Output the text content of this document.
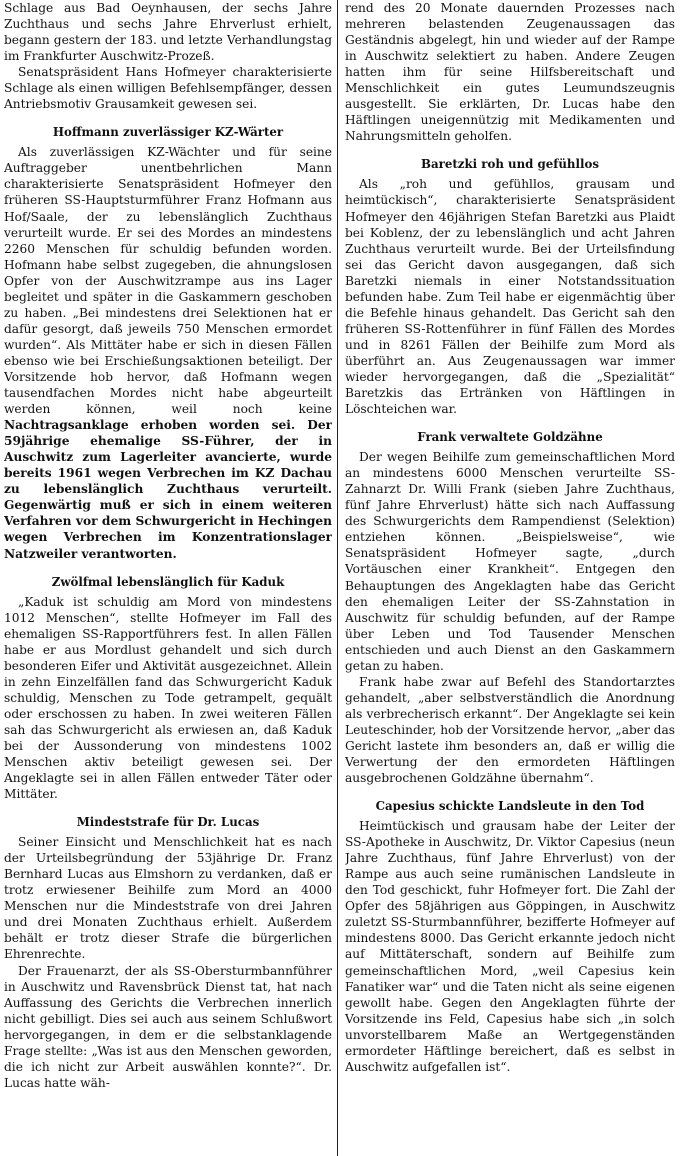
Schlage aus Bad Oeynhausen, der sechs Jahre Zuchthaus und sechs Jahre Ehrverlust erhielt, begann gestern der 183. und letzte Verhandlungstag im Frankfurter Auschwitz-Prozeß.

Senatspräsident Hans Hofmeyer charakterisierte Schlage als einen willigen Befehlsempfänger, dessen Antriebsmotiv Grausamkeit gewesen sei.

Hoffmann zuverlässiger KZ-Wärter

Als zuverlässigen KZ-Wächter und für seine Auftraggeber unentbehrlichen Mann charakterisierte Senatspräsident Hofmeyer den früheren SS-Hauptsturmführer Franz Hofmann aus Hof/Saale, der zu lebenslänglich Zuchthaus verurteilt wurde. Er sei des Mordes an mindestens 2260 Menschen für schuldig befunden worden. Hofmann habe selbst zugegeben, die ahnungslosen Opfer von der Auschwitzrampe aus ins Lager begleitet und später in die Gaskammern geschoben zu haben. „Bei mindestens drei Selektionen hat er dafür gesorgt, daß jeweils 750 Menschen ermordet wurden“. Als Mittäter habe er sich in diesen Fällen ebenso wie bei Erschießungsaktionen beteiligt. Der Vorsitzende hob hervor, daß Hofmann wegen tausendfachen Mordes nicht habe abgeurteilt werden können, weil noch keine Nachtragsanklage erhoben worden sei. Der 59jährige ehemalige SS-Führer, der in Auschwitz zum Lagerleiter avancierte, wurde bereits 1961 wegen Verbrechen im KZ Dachau zu lebenslänglich Zuchthaus verurteilt. Gegenwärtig muß er sich in einem weiteren Verfahren vor dem Schwurgericht in Hechingen wegen Verbrechen im Konzentrationslager Natzweiler verantworten.

Zwölfmal lebenslänglich für Kaduk

„Kaduk ist schuldig am Mord von mindestens 1012 Menschen“, stellte Hofmeyer im Fall des ehemaligen SS-Rapportführers fest. In allen Fällen habe er aus Mordlust gehandelt und sich durch besonderen Eifer und Aktivität ausgezeichnet. Allein in zehn Einzelfällen fand das Schwurgericht Kaduk schuldig, Menschen zu Tode getrampelt, gequält oder erschossen zu haben. In zwei weiteren Fällen sah das Schwurgericht als erwiesen an, daß Kaduk bei der Aussonderung von mindestens 1002 Menschen aktiv beteiligt gewesen sei. Der Angeklagte sei in allen Fällen entweder Täter oder Mittäter.

Mindeststrafe für Dr. Lucas

Seiner Einsicht und Menschlichkeit hat es nach der Urteilsbegründung der 53jährige Dr. Franz Bernhard Lucas aus Elmshorn zu verdanken, daß er trotz erwiesener Beihilfe zum Mord an 4000 Menschen nur die Mindeststrafe von drei Jahren und drei Monaten Zuchthaus erhielt. Außerdem behält er trotz dieser Strafe die bürgerlichen Ehrenrechte.

Der Frauenarzt, der als SS-Obersturmbannführer in Auschwitz und Ravensbrück Dienst tat, hat nach Auffassung des Gerichts die Verbrechen innerlich nicht gebilligt. Dies sei auch aus seinem Schlußwort hervorgegangen, in dem er die selbstanklagende Frage stellte: „Was ist aus den Menschen geworden, die ich nicht zur Arbeit auswählen konnte?“. Dr. Lucas hatte wäh-

rend des 20 Monate dauernden Prozesses nach mehreren belastenden Zeugenaussagen das Geständnis abgelegt, hin und wieder auf der Rampe in Auschwitz selektiert zu haben. Andere Zeugen hatten ihm für seine Hilfsbereitschaft und Menschlichkeit ein gutes Leumundszeugnis ausgestellt. Sie erklärten, Dr. Lucas habe den Häftlingen uneigennützig mit Medikamenten und Nahrungsmitteln geholfen.

Baretzki roh und gefühllos

Als „roh und gefühllos, grausam und heimtückisch“, charakterisierte Senatspräsident Hofmeyer den 46jährigen Stefan Baretzki aus Plaidt bei Koblenz, der zu lebenslänglich und acht Jahren Zuchthaus verurteilt wurde. Bei der Urteilsfindung sei das Gericht davon ausgegangen, daß sich Baretzki niemals in einer Notstandssituation befunden habe. Zum Teil habe er eigenmächtig über die Befehle hinaus gehandelt. Das Gericht sah den früheren SS-Rottenführer in fünf Fällen des Mordes und in 8261 Fällen der Beihilfe zum Mord als überführt an. Aus Zeugenaussagen war immer wieder hervorgegangen, daß die „Spezialität“ Baretzkis das Ertränken von Häftlingen in Löschteichen war.

Frank verwaltete Goldzähne

Der wegen Beihilfe zum gemeinschaftlichen Mord an mindestens 6000 Menschen verurteilte SS-Zahnarzt Dr. Willi Frank (sieben Jahre Zuchthaus, fünf Jahre Ehrverlust) hätte sich nach Auffassung des Schwurgerichts dem Rampendienst (Selektion) entziehen können. „Beispielsweise“, wie Senatspräsident Hofmeyer sagte, „durch Vortäuschen einer Krankheit“. Entgegen den Behauptungen des Angeklagten habe das Gericht den ehemaligen Leiter der SS-Zahnstation in Auschwitz für schuldig befunden, auf der Rampe über Leben und Tod Tausender Menschen entschieden und auch Dienst an den Gaskammern getan zu haben.

Frank habe zwar auf Befehl des Standortarztes gehandelt, „aber selbstverständlich die Anordnung als verbrecherisch erkannt“. Der Angeklagte sei kein Leuteschinder, hob der Vorsitzende hervor, „aber das Gericht lastete ihm besonders an, daß er willig die Verwertung der den ermordeten Häftlingen ausgebrochenen Goldzähne übernahm“.

Capesius schickte Landsleute in den Tod

Heimtückisch und grausam habe der Leiter der SS-Apotheke in Auschwitz, Dr. Viktor Capesius (neun Jahre Zuchthaus, fünf Jahre Ehrverlust) von der Rampe aus auch seine rumänischen Landsleute in den Tod geschickt, fuhr Hofmeyer fort. Die Zahl der Opfer des 58jährigen aus Göppingen, in Auschwitz zuletzt SS-Sturmbannführer, bezifferte Hofmeyer auf mindestens 8000. Das Gericht erkannte jedoch nicht auf Mittäterschaft, sondern auf Beihilfe zum gemeinschaftlichen Mord, „weil Capesius kein Fanatiker war“ und die Taten nicht als seine eigenen gewollt habe. Gegen den Angeklagten führte der Vorsitzende ins Feld, Capesius habe sich „in solch unvorstellbarem Maße an Wertgegenständen ermordeter Häftlinge bereichert, daß es selbst in Auschwitz aufgefallen ist“.
